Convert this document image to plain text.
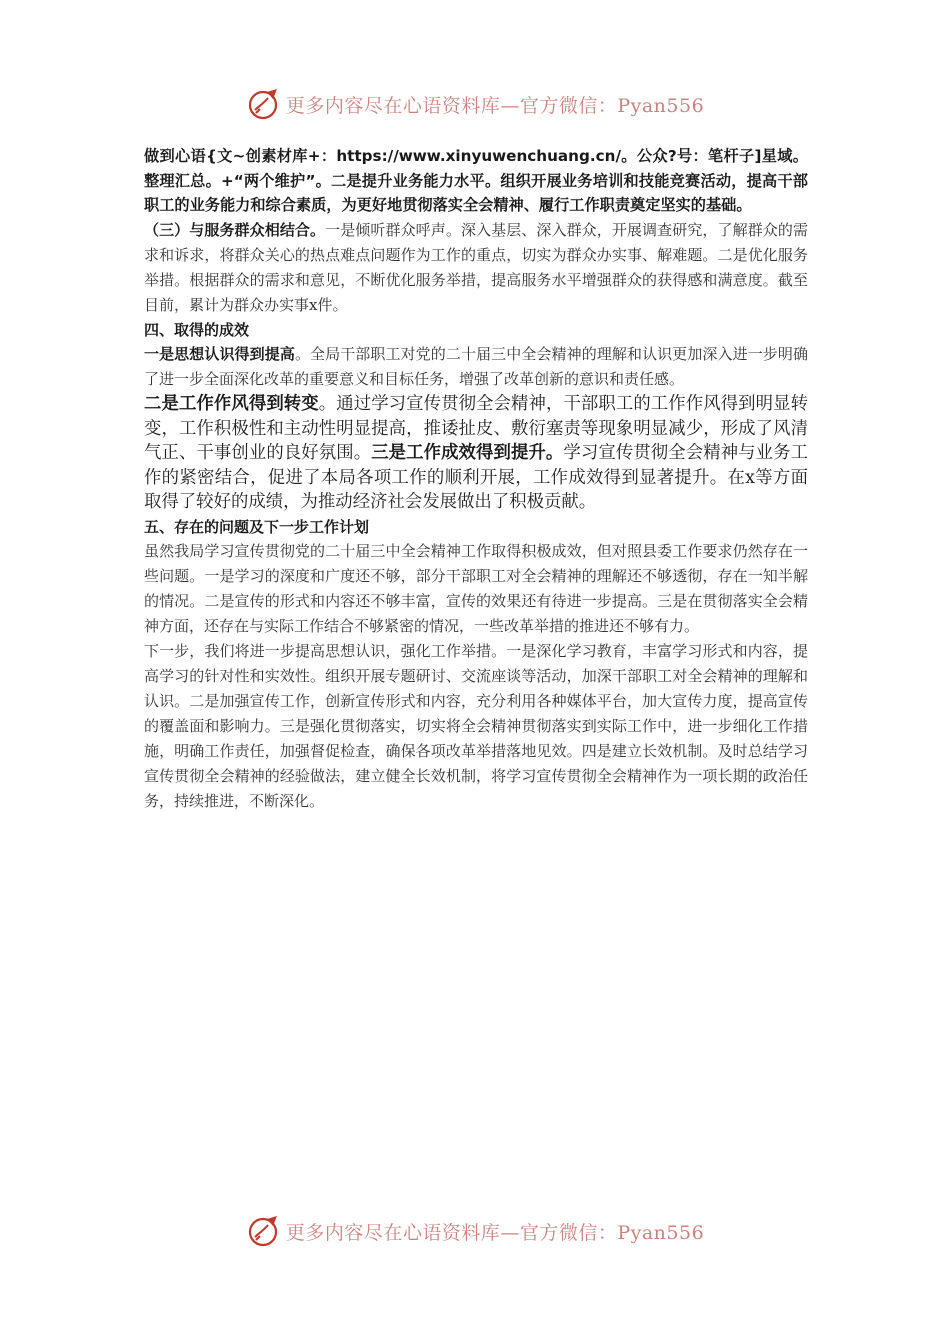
更多内容尽在心语资料库—官方微信：Pyan556

做到心语{文~创素材库+：https://www.xinyuwenchuang.cn/。公众?号：笔杆子]星域。整理汇总。+“两个维护”。二是提升业务能力水平。组织开展业务培训和技能竞赛活动，提高干部职工的业务能力和综合素质，为更好地贯彻落实全会精神、履行工作职责奠定坚实的基础。

（三）与服务群众相结合。一是倾听群众呼声。深入基层、深入群众，开展调查研究，了解群众的需求和诉求，将群众关心的热点难点问题作为工作的重点，切实为群众办实事、解难题。二是优化服务举措。根据群众的需求和意见，不断优化服务举措，提高服务水平增强群众的获得感和满意度。截至目前，累计为群众办实事x件。

四、取得的成效

一是思想认识得到提高。全局干部职工对党的二十届三中全会精神的理解和认识更加深入进一步明确了进一步全面深化改革的重要意义和目标任务，增强了改革创新的意识和责任感。

二是工作作风得到转变。通过学习宣传贯彻全会精神，干部职工的工作作风得到明显转变，工作积极性和主动性明显提高，推诿扯皮、敷衍塞责等现象明显减少，形成了风清气正、干事创业的良好氛围。三是工作成效得到提升。学习宣传贯彻全会精神与业务工作的紧密结合，促进了本局各项工作的顺利开展，工作成效得到显著提升。在x等方面取得了较好的成绩，为推动经济社会发展做出了积极贡献。

五、存在的问题及下一步工作计划

虽然我局学习宣传贯彻党的二十届三中全会精神工作取得积极成效，但对照县委工作要求仍然存在一些问题。一是学习的深度和广度还不够，部分干部职工对全会精神的理解还不够透彻，存在一知半解的情况。二是宣传的形式和内容还不够丰富，宣传的效果还有待进一步提高。三是在贯彻落实全会精神方面，还存在与实际工作结合不够紧密的情况，一些改革举措的推进还不够有力。

下一步，我们将进一步提高思想认识，强化工作举措。一是深化学习教育，丰富学习形式和内容，提高学习的针对性和实效性。组织开展专题研讨、交流座谈等活动，加深干部职工对全会精神的理解和认识。二是加强宣传工作，创新宣传形式和内容，充分利用各种媒体平台，加大宣传力度，提高宣传的覆盖面和影响力。三是强化贯彻落实，切实将全会精神贯彻落实到实际工作中，进一步细化工作措施，明确工作责任，加强督促检查，确保各项改革举措落地见效。四是建立长效机制。及时总结学习宣传贯彻全会精神的经验做法，建立健全长效机制，将学习宣传贯彻全会精神作为一项长期的政治任务，持续推进，不断深化。

更多内容尽在心语资料库—官方微信：Pyan556
